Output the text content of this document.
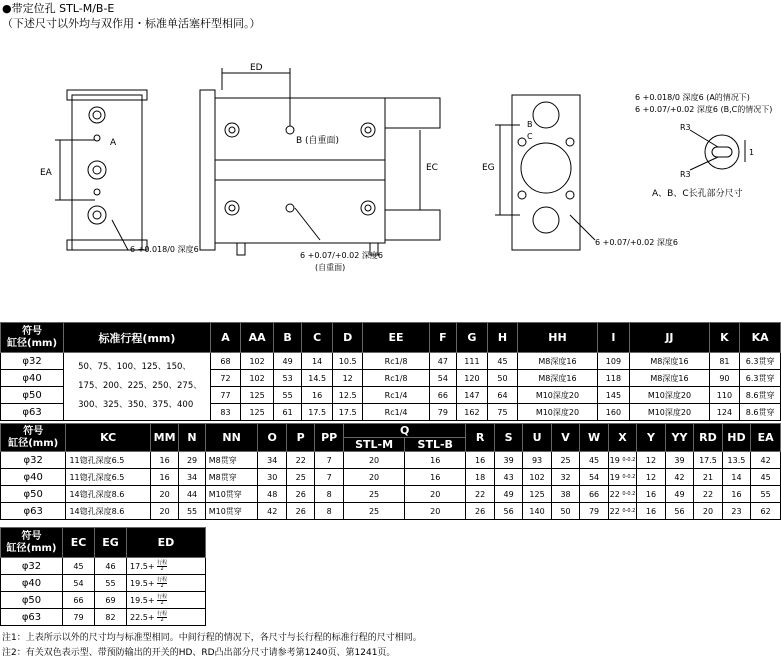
●带定位孔 STL-M/B-E
（下述尺寸以外均与双作用・标准单活塞杆型相同。）
ED
A
EA
B (自重面)
EC	EG
6 +0.018/0 深度6
6 +0.07/+0.02 深度6
(自重面)
6 +0.018/0 深度6 (A的情况下)
6 +0.07/+0.02 深度6 (B,C的情况下)
R3
R3
1
B
C
A、B、C长孔部分尺寸
6 +0.07/+0.02 深度6
符号
缸径(mm)	标准行程(mm)	A	AA	B	C	D	EE	F	G	H	HH	I	JJ	K	KA
φ32	50、75、100、125、150、175、200、225、250、275、300、325、350、375、400	68	102	49	14	10.5	Rc1/8	47	111	45	M8深度16	109	M8深度16	81	6.3贯穿
φ40		72	102	53	14.5	12	Rc1/8	54	120	50	M8深度16	118	M8深度16	90	6.3贯穿
φ50		77	125	55	16	12.5	Rc1/4	66	147	64	M10深度20	145	M10深度20	110	8.6贯穿
φ63		83	125	61	17.5	17.5	Rc1/4	79	162	75	M10深度20	160	M10深度20	124	8.6贯穿
符号
缸径(mm)	KC	MM	N	NN	O	P	PP	Q		R	S	U	V	W	X	Y	YY	RD	HD	EA
								STL-M	STL-B											
φ32	11锪孔深度6.5	16	29	M8贯穿	34	22	7	20	16	16	39	93	25	45	19 0-0.2	12	39	17.5	13.5	42
φ40	11锪孔深度6.5	16	34	M8贯穿	30	25	7	20	16	18	43	102	32	54	19 0-0.2	12	42	21	14	45
φ50	14锪孔深度8.6	20	44	M10贯穿	48	26	8	25	20	22	49	125	38	66	22 0-0.2	16	49	22	16	55
φ63	14锪孔深度8.6	20	55	M10贯穿	42	26	8	25	20	26	56	140	50	79	22 0-0.2	16	56	20	23	62
符号
缸径(mm)	EC	EG	ED
φ32	45	46	$17.5+ \frac{\text{行程}}{2}$
φ40	54	55	$19.5+ \frac{\text{行程}}{2}$
φ50	66	69	$19.5+ \frac{\text{行程}}{2}$
φ63	79	82	$22.5+ \frac{\text{行程}}{2}$
注1：上表所示以外的尺寸均与标准型相同。中间行程的情况下，各尺寸与长行程的标准行程的尺寸相同。
注2：有关双色表示型、带预防输出的开关的HD、RD凸出部分尺寸请参考第1240页、第1241页。
